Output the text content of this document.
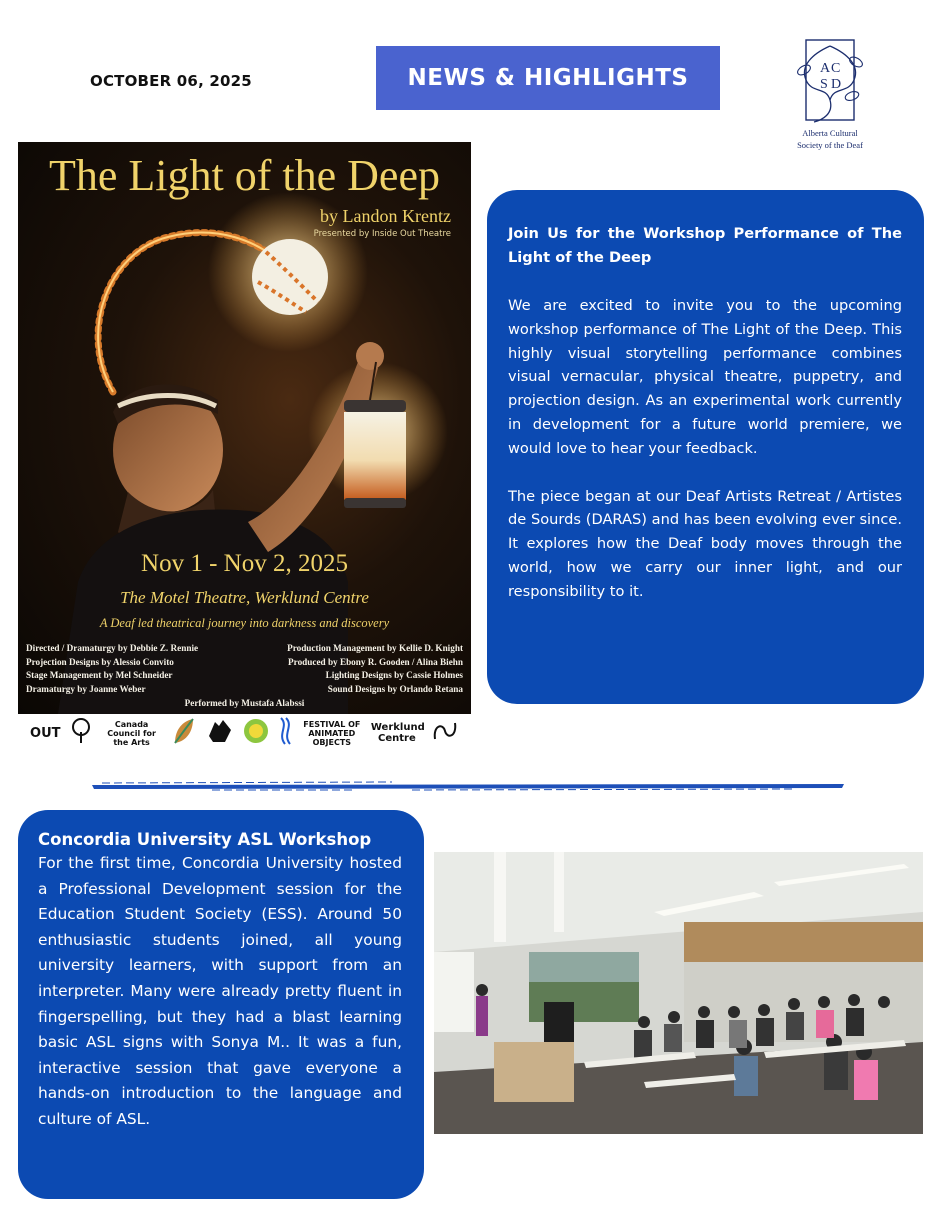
OCTOBER 06, 2025	NEWS & HIGHLIGHTS	A C
S D
Alberta Cultural
Society of the Deaf
The Light of the Deep
by Landon Krentz
Presented by Inside Out Theatre
Nov 1 - Nov 2, 2025
The Motel Theatre, Werklund Centre
A Deaf led theatrical journey into darkness and discovery
Directed / Dramaturgy by Debbie Z. Rennie	Production Management by Kellie D. Knight
Projection Designs by Alessio Convito	Produced by Ebony R. Gooden / Alina Biehn
Stage Management by Mel Schneider	Lighting Designs by Cassie Holmes
Dramaturgy by Joanne Weber	Sound Designs by Orlando Retana
Performed by Mustafa Alabssi
OUT
Canada Council for the Arts
FESTIVAL OF ANIMATED OBJECTS
Werklund Centre
Join Us for the Workshop Performance of The Light of the Deep

We are excited to invite you to the upcoming workshop performance of The Light of the Deep. This highly visual storytelling performance combines visual vernacular, physical theatre, puppetry, and projection design. As an experimental work currently in development for a future world premiere, we would love to hear your feedback.

The piece began at our Deaf Artists Retreat / Artistes de Sourds (DARAS) and has been evolving ever since. It explores how the Deaf body moves through the world, how we carry our inner light, and our responsibility to it.

Concordia University ASL Workshop

For the first time, Concordia University hosted a Professional Development session for the Education Student Society (ESS). Around 50 enthusiastic students joined, all young university learners, with support from an interpreter. Many were already pretty fluent in fingerspelling, but they had a blast learning basic ASL signs with Sonya M.. It was a fun, interactive session that gave everyone a hands-on introduction to the language and culture of ASL.
